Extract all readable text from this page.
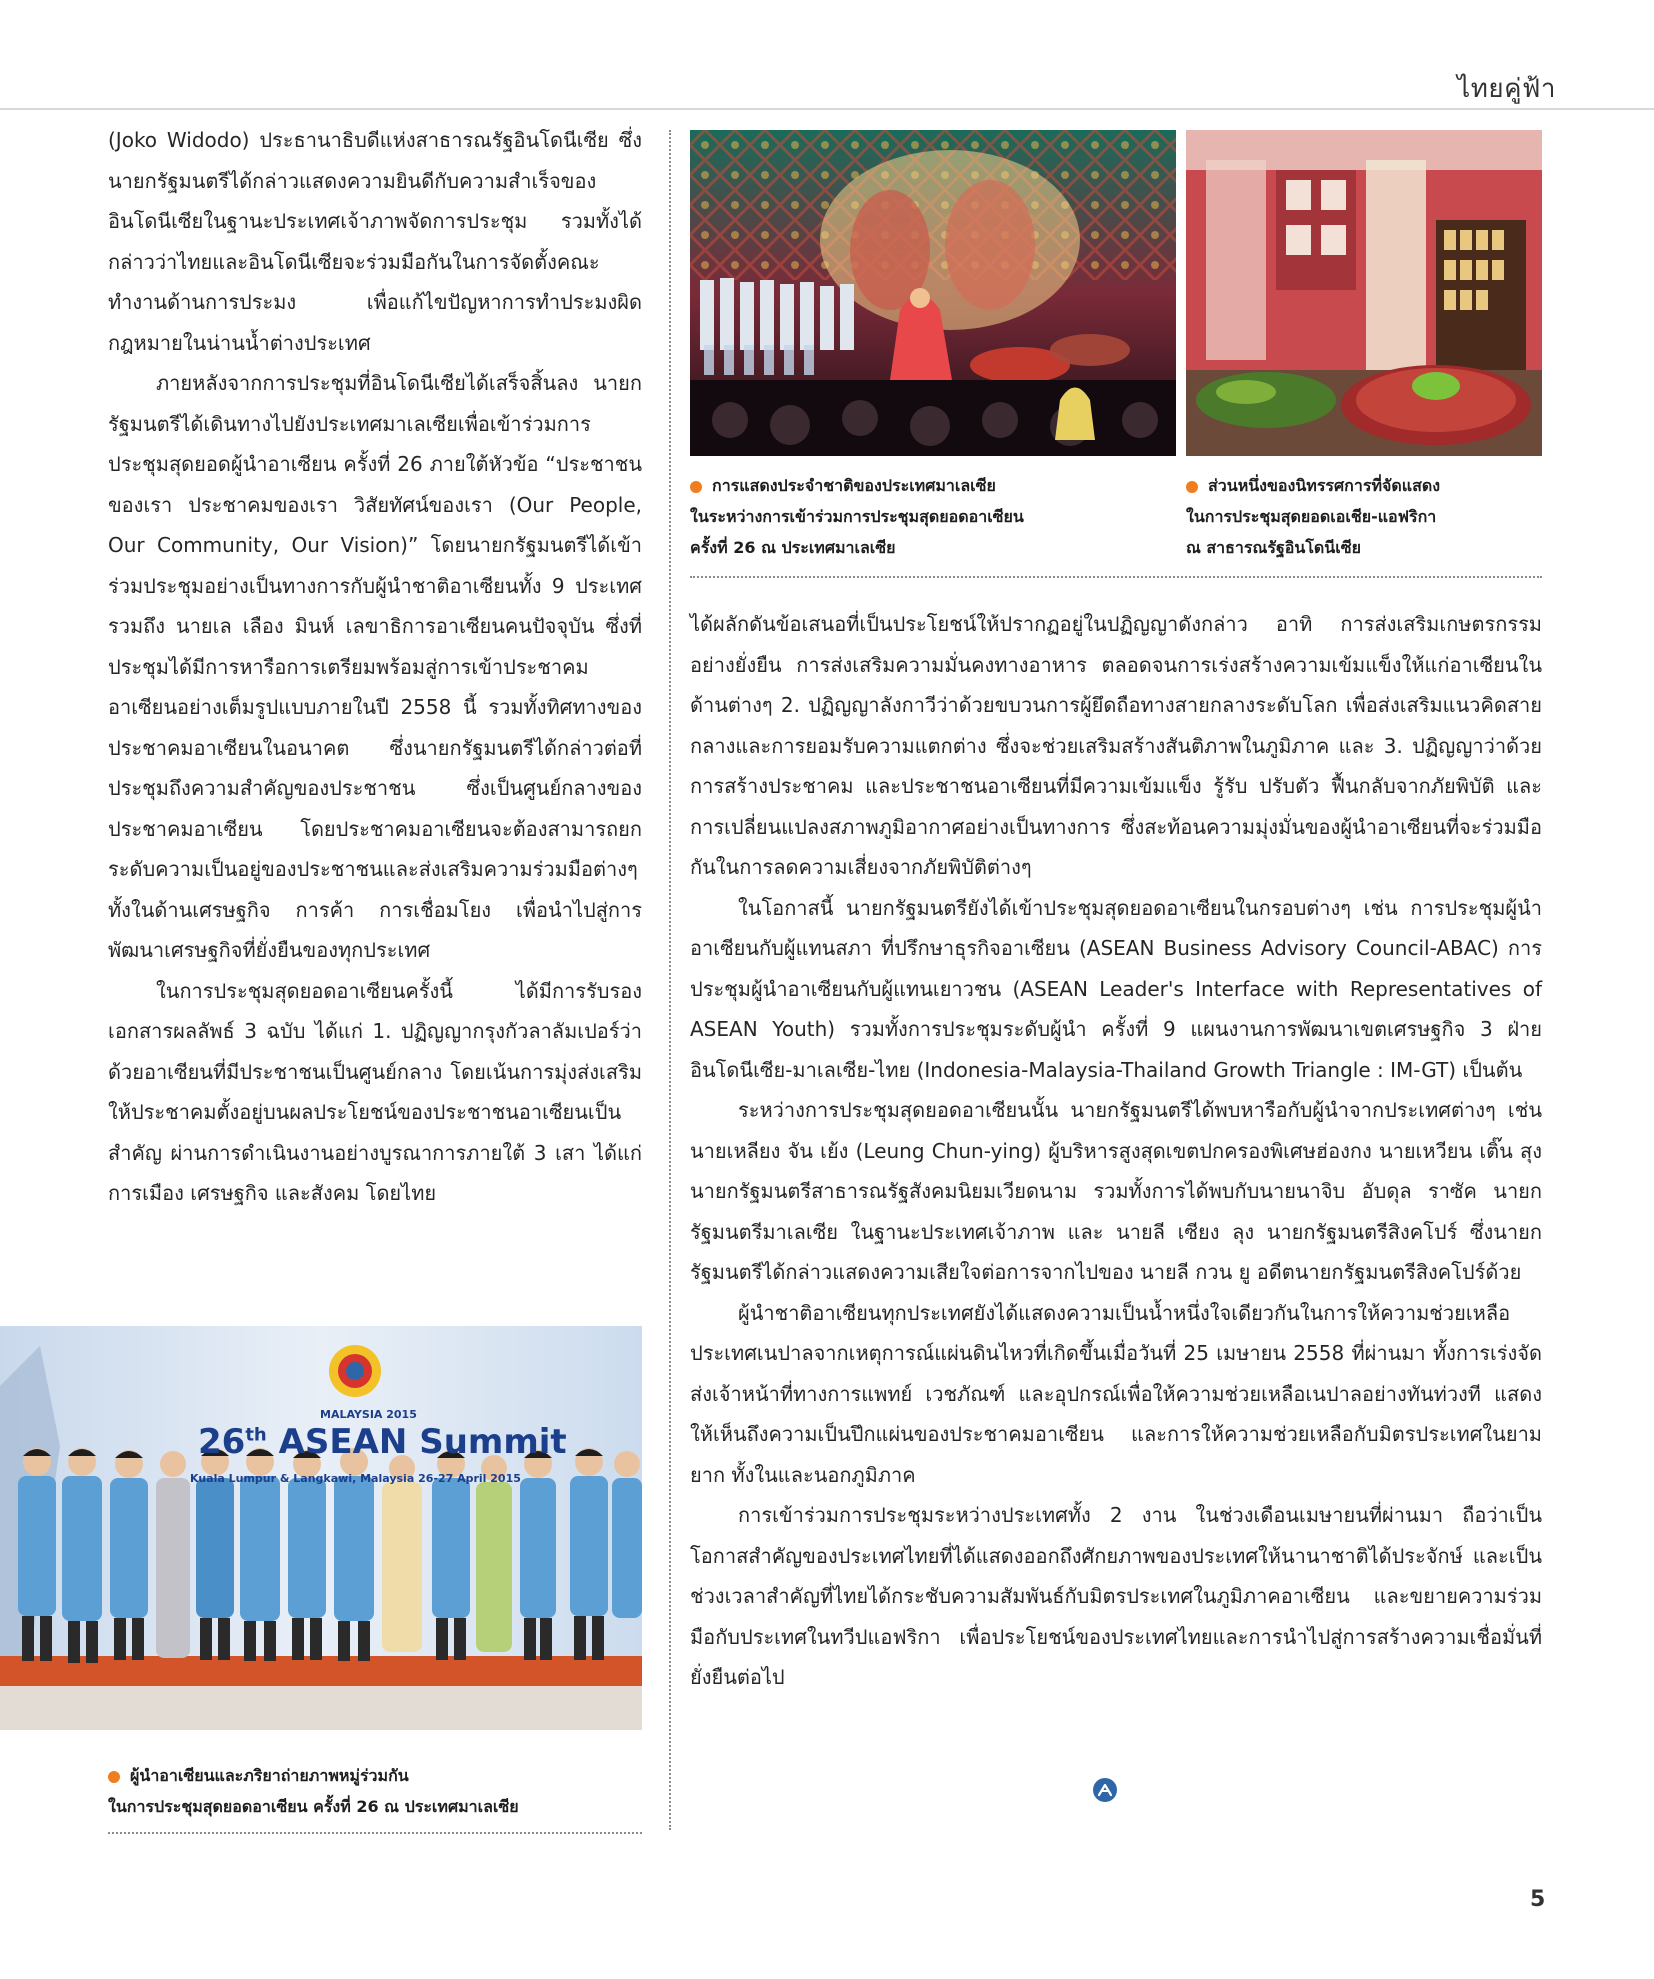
ไทยคู่ฟ้า

(Joko Widodo) ประธานาธิบดีแห่งสาธารณรัฐอินโดนีเซีย ซึ่งนายกรัฐมนตรีได้กล่าวแสดงความยินดีกับความสำเร็จของอินโดนีเซียในฐานะประเทศเจ้าภาพจัดการประชุม รวมทั้งได้กล่าวว่าไทยและอินโดนีเซียจะร่วมมือกันในการจัดตั้งคณะทำงานด้านการประมง เพื่อแก้ไขปัญหาการทำประมงผิดกฎหมายในน่านน้ำต่างประเทศ

ภายหลังจากการประชุมที่อินโดนีเซียได้เสร็จสิ้นลง นายกรัฐมนตรีได้เดินทางไปยังประเทศมาเลเซียเพื่อเข้าร่วมการประชุมสุดยอดผู้นำอาเซียน ครั้งที่ 26 ภายใต้หัวข้อ “ประชาชนของเรา ประชาคมของเรา วิสัยทัศน์ของเรา (Our People, Our Community, Our Vision)” โดยนายกรัฐมนตรีได้เข้าร่วมประชุมอย่างเป็นทางการกับผู้นำชาติอาเซียนทั้ง 9 ประเทศ รวมถึง นายเล เลือง มินห์ เลขาธิการอาเซียนคนปัจจุบัน ซึ่งที่ประชุมได้มีการหารือการเตรียมพร้อมสู่การเข้าประชาคมอาเซียนอย่างเต็มรูปแบบภายในปี 2558 นี้ รวมทั้งทิศทางของประชาคมอาเซียนในอนาคต ซึ่งนายกรัฐมนตรีได้กล่าวต่อที่ประชุมถึงความสำคัญของประชาชน ซึ่งเป็นศูนย์กลางของประชาคมอาเซียน โดยประชาคมอาเซียนจะต้องสามารถยกระดับความเป็นอยู่ของประชาชนและส่งเสริมความร่วมมือต่างๆ ทั้งในด้านเศรษฐกิจ การค้า การเชื่อมโยง เพื่อนำไปสู่การพัฒนาเศรษฐกิจที่ยั่งยืนของทุกประเทศ

ในการประชุมสุดยอดอาเซียนครั้งนี้ ได้มีการรับรองเอกสารผลลัพธ์ 3 ฉบับ ได้แก่ 1. ปฏิญญากรุงกัวลาลัมเปอร์ว่าด้วยอาเซียนที่มีประชาชนเป็นศูนย์กลาง โดยเน้นการมุ่งส่งเสริมให้ประชาคมตั้งอยู่บนผลประโยชน์ของประชาชนอาเซียนเป็นสำคัญ ผ่านการดำเนินงานอย่างบูรณาการภายใต้ 3 เสา ได้แก่ การเมือง เศรษฐกิจ และสังคม โดยไทย

การแสดงประจำชาติของประเทศมาเลเซีย
ในระหว่างการเข้าร่วมการประชุมสุดยอดอาเซียน
ครั้งที่ 26 ณ ประเทศมาเลเซีย
ส่วนหนึ่งของนิทรรศการที่จัดแสดง
ในการประชุมสุดยอดเอเชีย-แอฟริกา
ณ สาธารณรัฐอินโดนีเซีย

ได้ผลักดันข้อเสนอที่เป็นประโยชน์ให้ปรากฏอยู่ในปฏิญญาดังกล่าว อาทิ การส่งเสริมเกษตรกรรมอย่างยั่งยืน การส่งเสริมความมั่นคงทางอาหาร ตลอดจนการเร่งสร้างความเข้มแข็งให้แก่อาเซียนในด้านต่างๆ 2. ปฏิญญาลังกาวีว่าด้วยขบวนการผู้ยึดถือทางสายกลางระดับโลก เพื่อส่งเสริมแนวคิดสายกลางและการยอมรับความแตกต่าง ซึ่งจะช่วยเสริมสร้างสันติภาพในภูมิภาค และ 3. ปฏิญญาว่าด้วยการสร้างประชาคม และประชาชนอาเซียนที่มีความเข้มแข็ง รู้รับ ปรับตัว ฟื้นกลับจากภัยพิบัติ และการเปลี่ยนแปลงสภาพภูมิอากาศอย่างเป็นทางการ ซึ่งสะท้อนความมุ่งมั่นของผู้นำอาเซียนที่จะร่วมมือกันในการลดความเสี่ยงจากภัยพิบัติต่างๆ

ในโอกาสนี้ นายกรัฐมนตรียังได้เข้าประชุมสุดยอดอาเซียนในกรอบต่างๆ เช่น การประชุมผู้นำอาเซียนกับผู้แทนสภา ที่ปรึกษาธุรกิจอาเซียน (ASEAN Business Advisory Council-ABAC) การประชุมผู้นำอาเซียนกับผู้แทนเยาวชน (ASEAN Leader's Interface with Representatives of ASEAN Youth) รวมทั้งการประชุมระดับผู้นำ ครั้งที่ 9 แผนงานการพัฒนาเขตเศรษฐกิจ 3 ฝ่าย อินโดนีเซีย-มาเลเซีย-ไทย (Indonesia-Malaysia-Thailand Growth Triangle : IM-GT) เป็นต้น

ระหว่างการประชุมสุดยอดอาเซียนนั้น นายกรัฐมนตรีได้พบหารือกับผู้นำจากประเทศต่างๆ เช่น นายเหลียง จัน เย้ง (Leung Chun-ying) ผู้บริหารสูงสุดเขตปกครองพิเศษฮ่องกง นายเหวียน เติ๊น สุง นายกรัฐมนตรีสาธารณรัฐสังคมนิยมเวียดนาม รวมทั้งการได้พบกับนายนาจิบ อับดุล ราซัค นายกรัฐมนตรีมาเลเซีย ในฐานะประเทศเจ้าภาพ และ นายลี เซียง ลุง นายกรัฐมนตรีสิงคโปร์ ซึ่งนายกรัฐมนตรีได้กล่าวแสดงความเสียใจต่อการจากไปของ นายลี กวน ยู อดีตนายกรัฐมนตรีสิงคโปร์ด้วย

ผู้นำชาติอาเซียนทุกประเทศยังได้แสดงความเป็นน้ำหนึ่งใจเดียวกันในการให้ความช่วยเหลือประเทศเนปาลจากเหตุการณ์แผ่นดินไหวที่เกิดขึ้นเมื่อวันที่ 25 เมษายน 2558 ที่ผ่านมา ทั้งการเร่งจัดส่งเจ้าหน้าที่ทางการแพทย์ เวชภัณฑ์ และอุปกรณ์เพื่อให้ความช่วยเหลือเนปาลอย่างทันท่วงที แสดงให้เห็นถึงความเป็นปึกแผ่นของประชาคมอาเซียน และการให้ความช่วยเหลือกับมิตรประเทศในยามยาก ทั้งในและนอกภูมิภาค

การเข้าร่วมการประชุมระหว่างประเทศทั้ง 2 งาน ในช่วงเดือนเมษายนที่ผ่านมา ถือว่าเป็นโอกาสสำคัญของประเทศไทยที่ได้แสดงออกถึงศักยภาพของประเทศให้นานาชาติได้ประจักษ์ และเป็นช่วงเวลาสำคัญที่ไทยได้กระชับความสัมพันธ์กับมิตรประเทศในภูมิภาคอาเซียน และขยายความร่วมมือกับประเทศในทวีปแอฟริกา เพื่อประโยชน์ของประเทศไทยและการนำไปสู่การสร้างความเชื่อมั่นที่ยั่งยืนต่อไป

MALAYSIA 2015
26th ASEAN Summit
Kuala Lumpur & Langkawi, Malaysia 26-27 April 2015
ผู้นำอาเซียนและภริยาถ่ายภาพหมู่ร่วมกัน
ในการประชุมสุดยอดอาเซียน ครั้งที่ 26 ณ ประเทศมาเลเซีย
5
